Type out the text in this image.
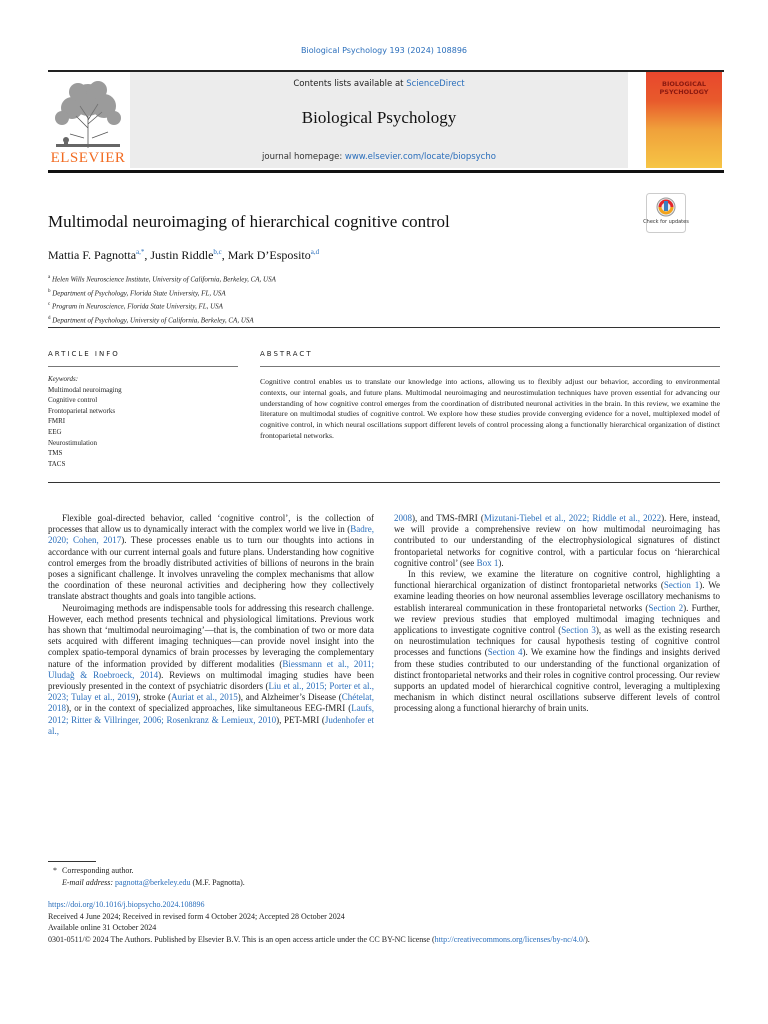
Biological Psychology 193 (2024) 108896
ELSEVIER
Contents lists available at ScienceDirect
Biological Psychology
journal homepage: www.elsevier.com/locate/biopsycho
BIOLOGICAL PSYCHOLOGY
Multimodal neuroimaging of hierarchical cognitive control	Check for updates
Mattia F. Pagnotta$^{a,*}$, Justin Riddle$^{b,c}$, Mark D’Esposito$^{a,d}$
$^a$ Helen Wills Neuroscience Institute, University of California, Berkeley, CA, USA
$^b$ Department of Psychology, Florida State University, FL, USA
$^c$ Program in Neuroscience, Florida State University, FL, USA
$^d$ Department of Psychology, University of California, Berkeley, CA, USA
ARTICLE INFO	ABSTRACT
Keywords:
Multimodal neuroimaging
Cognitive control
Frontoparietal networks
FMRI
EEG
Neurostimulation
TMS
TACS
Cognitive control enables us to translate our knowledge into actions, allowing us to flexibly adjust our behavior, according to environmental contexts, our internal goals, and future plans. Multimodal neuroimaging and neurostimulation techniques have proven essential for advancing our understanding of how cognitive control emerges from the coordination of distributed neuronal activities in the brain. In this review, we examine the literature on multimodal studies of cognitive control. We explore how these studies provide converging evidence for a novel, multiplexed model of cognitive control, in which neural oscillations support different levels of control processing along a functionally hierarchical organization of distinct frontoparietal networks.

Flexible goal-directed behavior, called ‘cognitive control’, is the collection of processes that allow us to dynamically interact with the complex world we live in (Badre, 2020; Cohen, 2017). These processes enable us to turn our thoughts into actions in accordance with our current internal goals and future plans. Understanding how cognitive control emerges from the broadly distributed activities of billions of neurons in the brain poses a significant challenge. It involves unraveling the complex mechanisms that allow the coordination of these neuronal activities and deciphering how they collectively translate abstract thoughts and goals into tangible actions.

Neuroimaging methods are indispensable tools for addressing this research challenge. However, each method presents technical and physiological limitations. Previous work has shown that ‘multimodal neuroimaging’—that is, the combination of two or more data sets acquired with different imaging techniques—can provide novel insight into the complex spatio-temporal dynamics of brain processes by leveraging the complementary nature of the information provided by different modalities (Biessmann et al., 2011; Uludağ & Roebroeck, 2014). Reviews on multimodal imaging studies have been previously presented in the context of psychiatric disorders (Liu et al., 2015; Porter et al., 2023; Tulay et al., 2019), stroke (Auriat et al., 2015), and Alzheimer’s Disease (Chételat, 2018), or in the context of specialized approaches, like simultaneous EEG-fMRI (Laufs, 2012; Ritter & Villringer, 2006; Rosenkranz & Lemieux, 2010), PET-MRI (Judenhofer et al.,

2008), and TMS-fMRI (Mizutani-Tiebel et al., 2022; Riddle et al., 2022). Here, instead, we will provide a comprehensive review on how multimodal neuroimaging has contributed to our understanding of the electrophysiological signatures of distinct frontoparietal networks for cognitive control, with a particular focus on ‘hierarchical cognitive control’ (see Box 1).

In this review, we examine the literature on cognitive control, highlighting a functional hierarchical organization of distinct frontoparietal networks (Section 1). We examine leading theories on how neuronal assemblies leverage oscillatory mechanisms to establish interareal communication in these frontoparietal networks (Section 2). Further, we review previous studies that employed multimodal imaging techniques and applications to investigate cognitive control (Section 3), as well as the existing research on neurostimulation techniques for causal hypothesis testing of cognitive control processes and functions (Section 4). We examine how the findings and insights derived from these studies contributed to our understanding of the functional organization of distinct frontoparietal networks and their roles in cognitive control processing. Our review supports an updated model of hierarchical cognitive control, leveraging a multiplexing mechanism in which distinct neural oscillations subserve different levels of control processing along a functional hierarchy of brain units.

* Corresponding author.
E-mail address: pagnotta@berkeley.edu (M.F. Pagnotta).
https://doi.org/10.1016/j.biopsycho.2024.108896
Received 4 June 2024; Received in revised form 4 October 2024; Accepted 28 October 2024
Available online 31 October 2024
0301-0511/© 2024 The Authors. Published by Elsevier B.V. This is an open access article under the CC BY-NC license (http://creativecommons.org/licenses/by-nc/4.0/).
